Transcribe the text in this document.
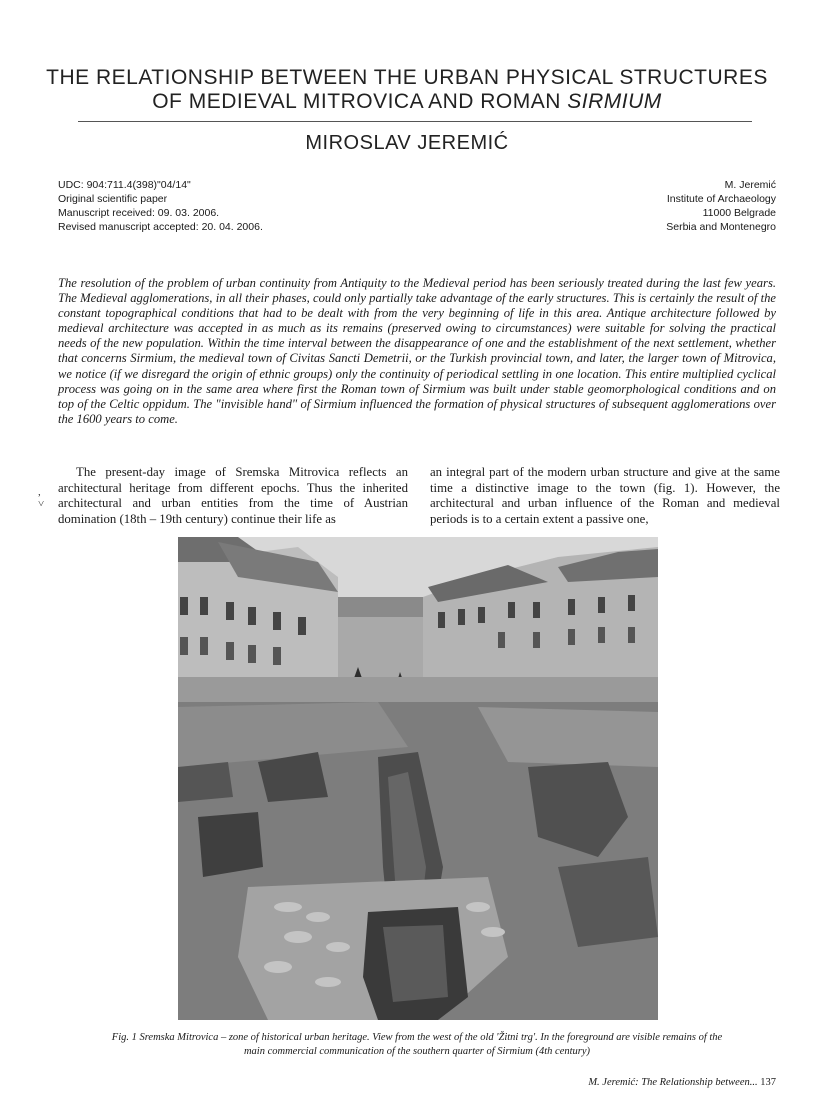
THE RELATIONSHIP BETWEEN THE URBAN PHYSICAL STRUCTURES
OF MEDIEVAL MITROVICA AND ROMAN SIRMIUM
MIROSLAV JEREMIĆ
UDC: 904:711.4(398)"04/14"
Original scientific paper
Manuscript received: 09. 03. 2006.
Revised manuscript accepted: 20. 04. 2006.
M. Jeremić
Institute of Archaeology
11000 Belgrade
Serbia and Montenegro

The resolution of the problem of urban continuity from Antiquity to the Medieval period has been seriously treated during the last few years. The Medieval agglomerations, in all their phases, could only partially take advantage of the early structures. This is certainly the result of the constant topographical conditions that had to be dealt with from the very beginning of life in this area. Antique architecture followed by medieval architecture was accepted in as much as its remains (preserved owing to circumstances) were suitable for solving the practical needs of the new population. Within the time interval between the disappearance of one and the establishment of the next settlement, whether that concerns Sirmium, the medieval town of Civitas Sancti Demetrii, or the Turkish provincial town, and later, the larger town of Mitrovica, we notice (if we disregard the origin of ethnic groups) only the continuity of periodical settling in one location. This entire multiplied cyclical process was going on in the same area where first the Roman town of Sirmium was built under stable geomorphological conditions and on top of the Celtic oppidum. The "invisible hand" of Sirmium influenced the formation of physical structures of subsequent agglomerations over the 1600 years to come.

,
˅

The present-day image of Sremska Mitrovica reflects an architectural heritage from different epochs. Thus the inherited architectural and urban entities from the time of Austrian domination (18th – 19th century) continue their life as

an integral part of the modern urban structure and give at the same time a distinctive image to the town (fig. 1). However, the architectural and urban influence of the Roman and medieval periods is to a certain extent a passive one,

Fig. 1 Sremska Mitrovica – zone of historical urban heritage. View from the west of the old 'Žitni trg'. In the foreground are visible remains of the
main commercial communication of the southern quarter of Sirmium (4th century)
M. Jeremić: The Relationship between... 137
